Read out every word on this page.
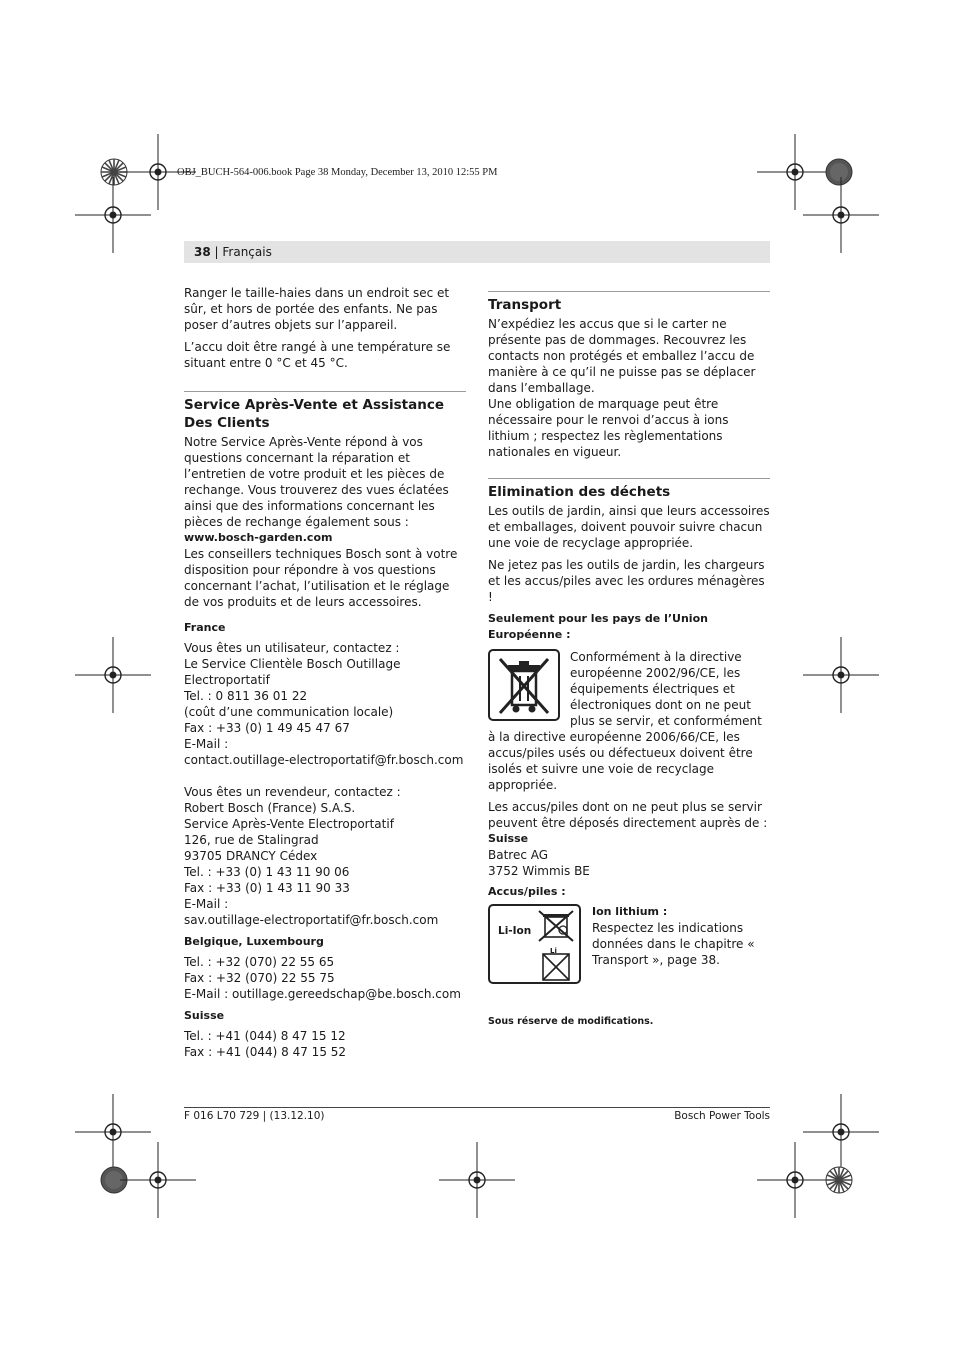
OBJ_BUCH-564-006.book Page 38 Monday, December 13, 2010 12:55 PM
38 | Français

Ranger le taille-haies dans un endroit sec et sûr, et hors de portée des enfants. Ne pas poser d’autres objets sur l’appareil.

L’accu doit être rangé à une température se situant entre 0 °C et 45 °C.

Service Après-Vente et Assistance Des Clients

Notre Service Après-Vente répond à vos questions concernant la réparation et l’entretien de votre produit et les pièces de rechange. Vous trouverez des vues éclatées ainsi que des informations concernant les pièces de rechange également sous :

www.bosch-garden.com

Les conseillers techniques Bosch sont à votre disposition pour répondre à vos questions concernant l’achat, l’utilisation et le réglage de vos produits et de leurs accessoires.

France

Vous êtes un utilisateur, contactez :

Le Service Clientèle Bosch Outillage Electroportatif

Tel. : 0 811 36 01 22

(coût d’une communication locale)

Fax : +33 (0) 1 49 45 47 67

E-Mail :

contact.outillage-electroportatif@fr.bosch.com

Vous êtes un revendeur, contactez :

Robert Bosch (France) S.A.S.

Service Après-Vente Electroportatif

126, rue de Stalingrad

93705 DRANCY Cédex

Tel. : +33 (0) 1 43 11 90 06

Fax : +33 (0) 1 43 11 90 33

E-Mail :

sav.outillage-electroportatif@fr.bosch.com

Belgique, Luxembourg

Tel. : +32 (070) 22 55 65

Fax : +32 (070) 22 55 75

E-Mail : outillage.gereedschap@be.bosch.com

Suisse

Tel. : +41 (044) 8 47 15 12

Fax : +41 (044) 8 47 15 52

Transport

N’expédiez les accus que si le carter ne présente pas de dommages. Recouvrez les contacts non protégés et emballez l’accu de manière à ce qu’il ne puisse pas se déplacer dans l’emballage.

Une obligation de marquage peut être nécessaire pour le renvoi d’accus à ions lithium ; respectez les règlementations nationales en vigueur.

Elimination des déchets

Les outils de jardin, ainsi que leurs accessoires et emballages, doivent pouvoir suivre chacun une voie de recyclage appropriée.

Ne jetez pas les outils de jardin, les chargeurs et les accus/piles avec les ordures ménagères !

Seulement pour les pays de l’Union Européenne :

Conformément à la directive européenne 2002/96/CE, les équipements électriques et électroniques dont on ne peut plus se servir, et conformément à la directive européenne 2006/66/CE, les accus/piles usés ou défectueux doivent être isolés et suivre une voie de recyclage appropriée.

Les accus/piles dont on ne peut plus se servir peuvent être déposés directement auprès de :

Suisse

Batrec AG

3752 Wimmis BE

Accus/piles :
Li-Ion
Li

Ion lithium :

Respectez les indications données dans le chapitre « Transport », page 38.

Sous réserve de modifications.

F 016 L70 729 | (13.12.10)	Bosch Power Tools
